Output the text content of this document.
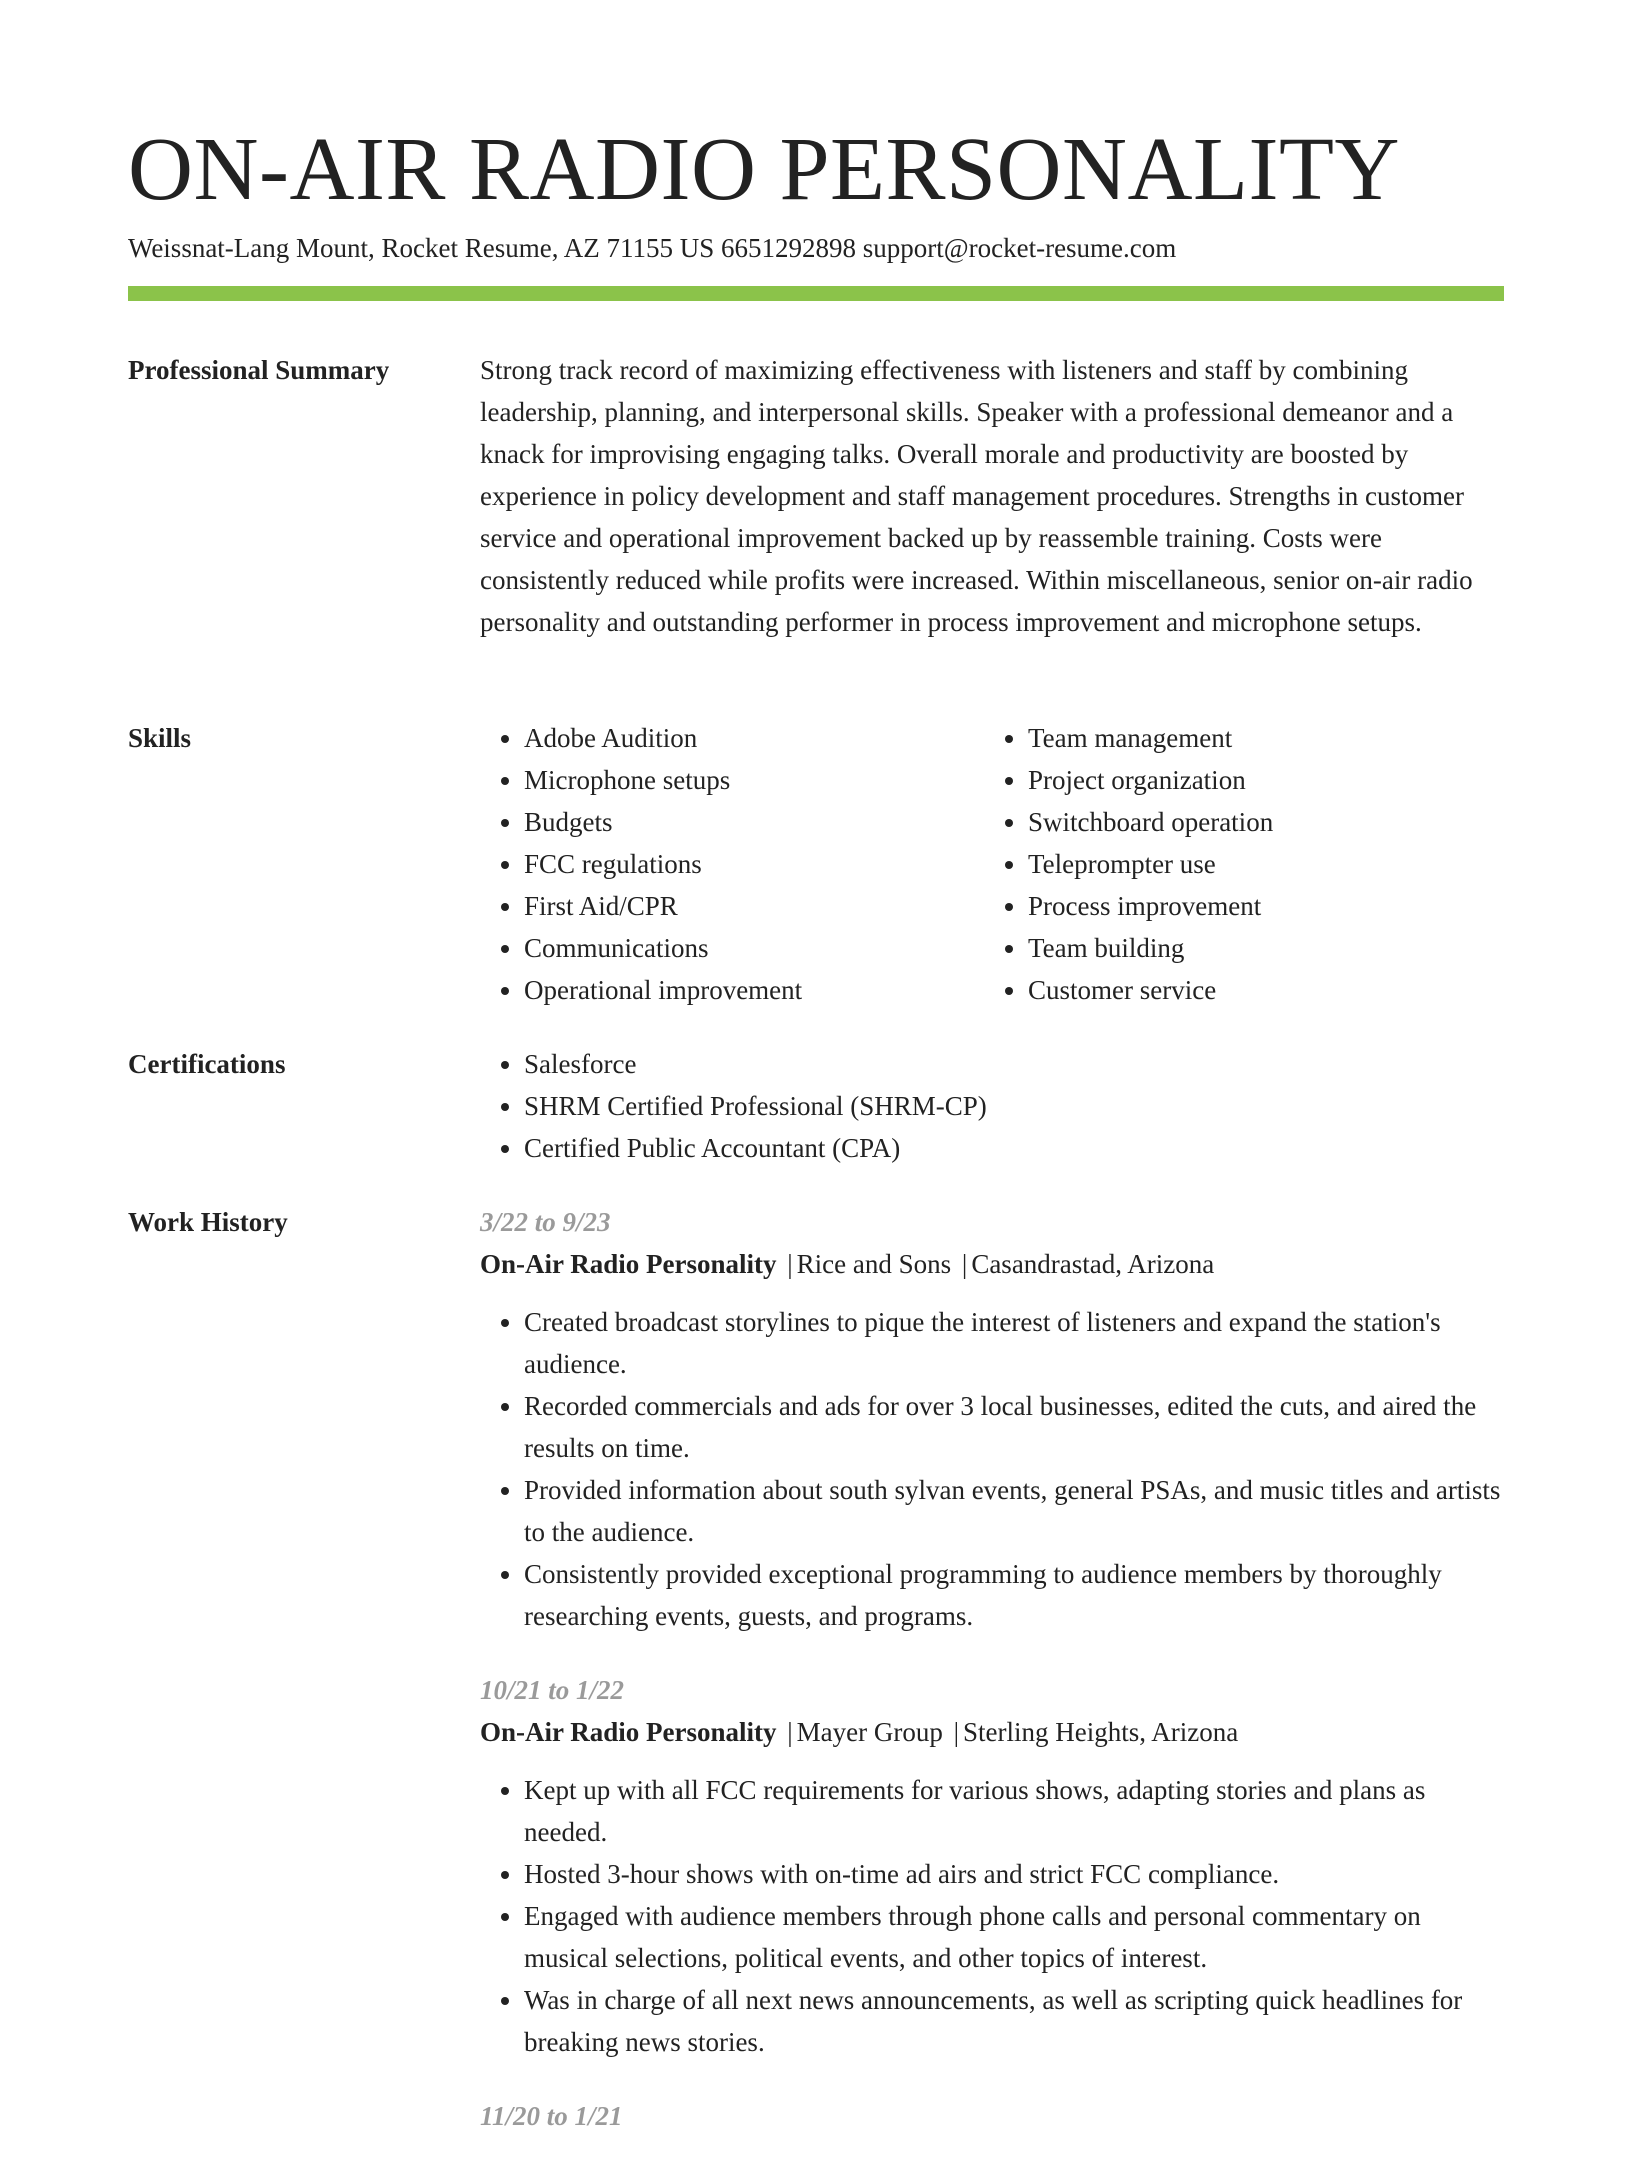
ON-AIR RADIO PERSONALITY
Weissnat-Lang Mount, Rocket Resume, AZ 71155 US 6651292898 support@rocket-resume.com
Professional Summary	Strong track record of maximizing effectiveness with listeners and staff by combining leadership, planning, and interpersonal skills. Speaker with a professional demeanor and a knack for improvising engaging talks. Overall morale and productivity are boosted by experience in policy development and staff management procedures. Strengths in customer service and operational improvement backed up by reassemble training. Costs were consistently reduced while profits were increased. Within miscellaneous, senior on-air radio personality and outstanding performer in process improvement and microphone setups.

Skills	• Adobe Audition
• Microphone setups
• Budgets
• FCC regulations
• First Aid/CPR
• Communications
• Operational improvement
• Team management
• Project organization
• Switchboard operation
• Teleprompter use
• Process improvement
• Team building
• Customer service
Certifications	• Salesforce
• SHRM Certified Professional (SHRM-CP)
• Certified Public Accountant (CPA)
Work History	3/22 to 9/23
On-Air Radio Personality | Rice and Sons | Casandrastad, Arizona
• Created broadcast storylines to pique the interest of listeners and expand the station's audience.
• Recorded commercials and ads for over 3 local businesses, edited the cuts, and aired the results on time.
• Provided information about south sylvan events, general PSAs, and music titles and artists to the audience.
• Consistently provided exceptional programming to audience members by thoroughly researching events, guests, and programs.
10/21 to 1/22
On-Air Radio Personality | Mayer Group | Sterling Heights, Arizona
• Kept up with all FCC requirements for various shows, adapting stories and plans as needed.
• Hosted 3-hour shows with on-time ad airs and strict FCC compliance.
• Engaged with audience members through phone calls and personal commentary on musical selections, political events, and other topics of interest.
• Was in charge of all next news announcements, as well as scripting quick headlines for breaking news stories.
11/20 to 1/21
